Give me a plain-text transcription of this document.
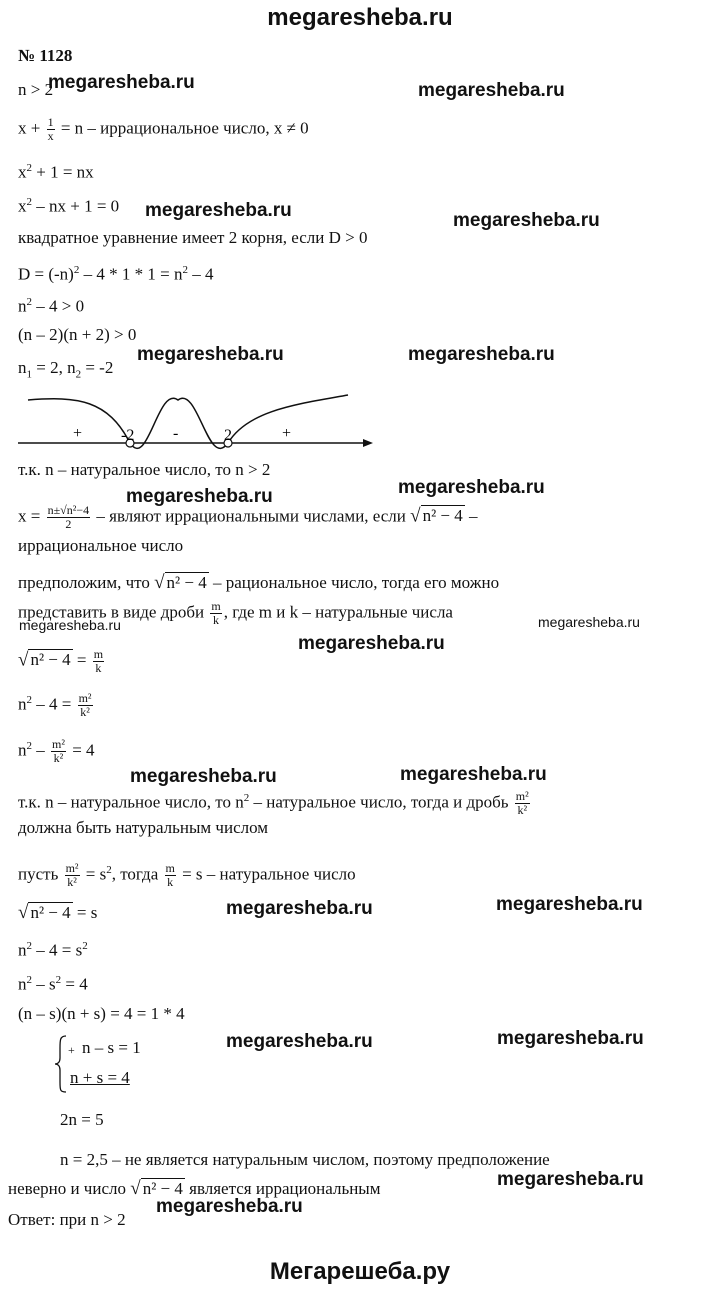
megaresheba.ru
megaresheba.ru	megaresheba.ru
megaresheba.ru	megaresheba.ru
megaresheba.ru	megaresheba.ru
megaresheba.ru
megaresheba.ru
megaresheba.ru	megaresheba.ru
megaresheba.ru
megaresheba.ru	megaresheba.ru
megaresheba.ru	megaresheba.ru
megaresheba.ru	megaresheba.ru
megaresheba.ru
megaresheba.ru
№ 1128
n > 2
$x + \frac{1}{x} = n$ – иррациональное число, x ≠ 0
$x^2 + 1$ = nx
$x^2$ – nx + 1 = 0
квадратное уравнение имеет 2 корня, если D > 0
$D = (-n)^2 - 4 * 1 * 1 = n^2 - 4$
$n^2 - 4 > 0$
(n – 2)(n + 2) > 0
$n_1 = 2$, $n_2 = -2$
+	-	+
-2	2
т.к. n – натуральное число, то n > 2
$x = \frac{\text{n±√n²−4}}{2}$ – являют иррациональными числами, если √ n² − 4 –
иррациональное число
предположим, что √ n² − 4 – рациональное число, тогда его можно
представить в виде дроби $\frac{m}{k}$ , где m и k – натуральные числа
√ $n^2 - 4 = \frac{m}{k}$
$n^2 - 4 = \frac{\text{m²}}{\text{k²}}$
$n^2 - \frac{\text{m²}}{\text{k²}} = 4$
т.к. n – натуральное число, то $n^2$ – натуральное число, тогда и дробь $\frac{\text{m²}}{\text{k²}}$
должна быть натуральным числом
пусть $\frac{\text{m²}}{\text{k²}} = s^2$, тогда $\frac{m}{k} = s$ – натуральное число
√ n² − 4 = s
$n^2 - 4 = s^2$
$n^2 - s^2 = 4$
(n – s)(n + s) = 4 = 1 * 4
+ n – s = 1
n + s = 4
2n = 5
n = 2,5 – не является натуральным числом, поэтому предположение
неверно и число √ n² − 4 является иррациональным
Ответ: при n > 2
Мегарешеба.ру
